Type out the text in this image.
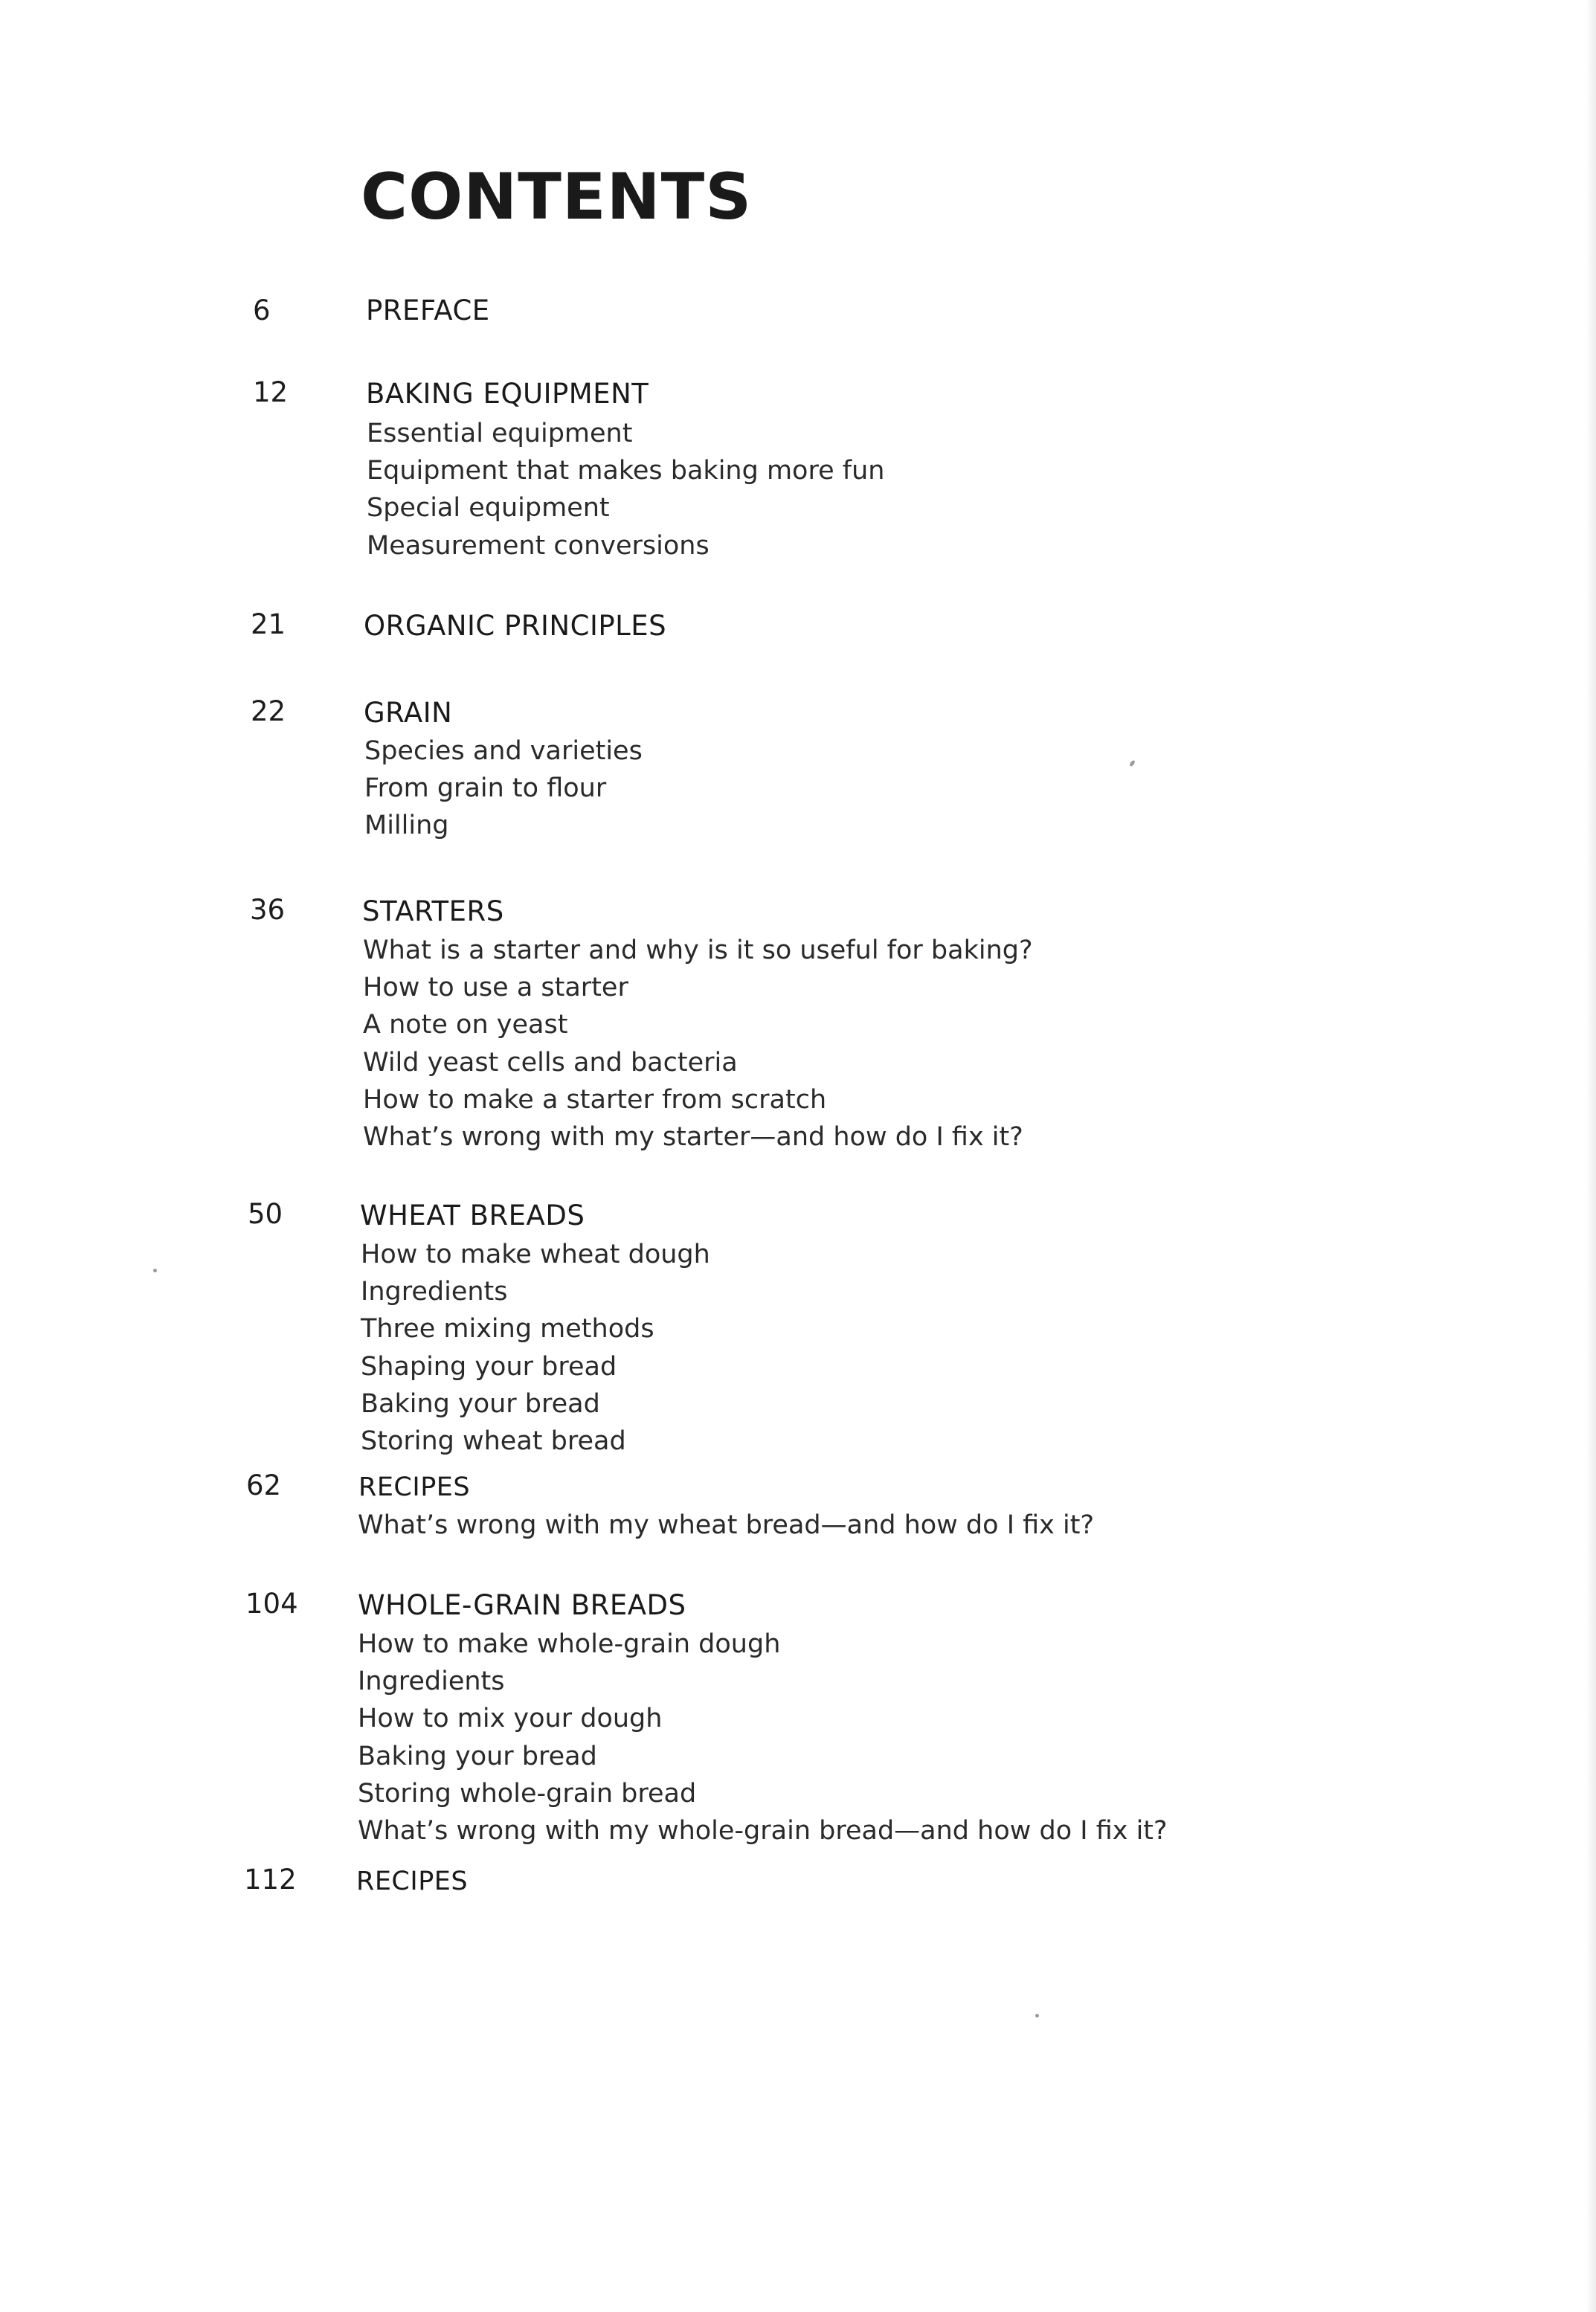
CONTENTS
6	PREFACE
12	BAKING EQUIPMENT
Essential equipment
Equipment that makes baking more fun
Special equipment
Measurement conversions
21	ORGANIC PRINCIPLES
22	GRAIN
Species and varieties
From grain to flour
Milling
36	STARTERS
What is a starter and why is it so useful for baking?
How to use a starter
A note on yeast
Wild yeast cells and bacteria
How to make a starter from scratch
What’s wrong with my starter—and how do I fix it?
50	WHEAT BREADS
How to make wheat dough
Ingredients
Three mixing methods
Shaping your bread
Baking your bread
Storing wheat bread
62	RECIPES
What’s wrong with my wheat bread—and how do I fix it?
104 WHOLE-GRAIN BREADS
How to make whole-grain dough
Ingredients
How to mix your dough
Baking your bread
Storing whole-grain bread
What’s wrong with my whole-grain bread—and how do I fix it?
112 RECIPES
